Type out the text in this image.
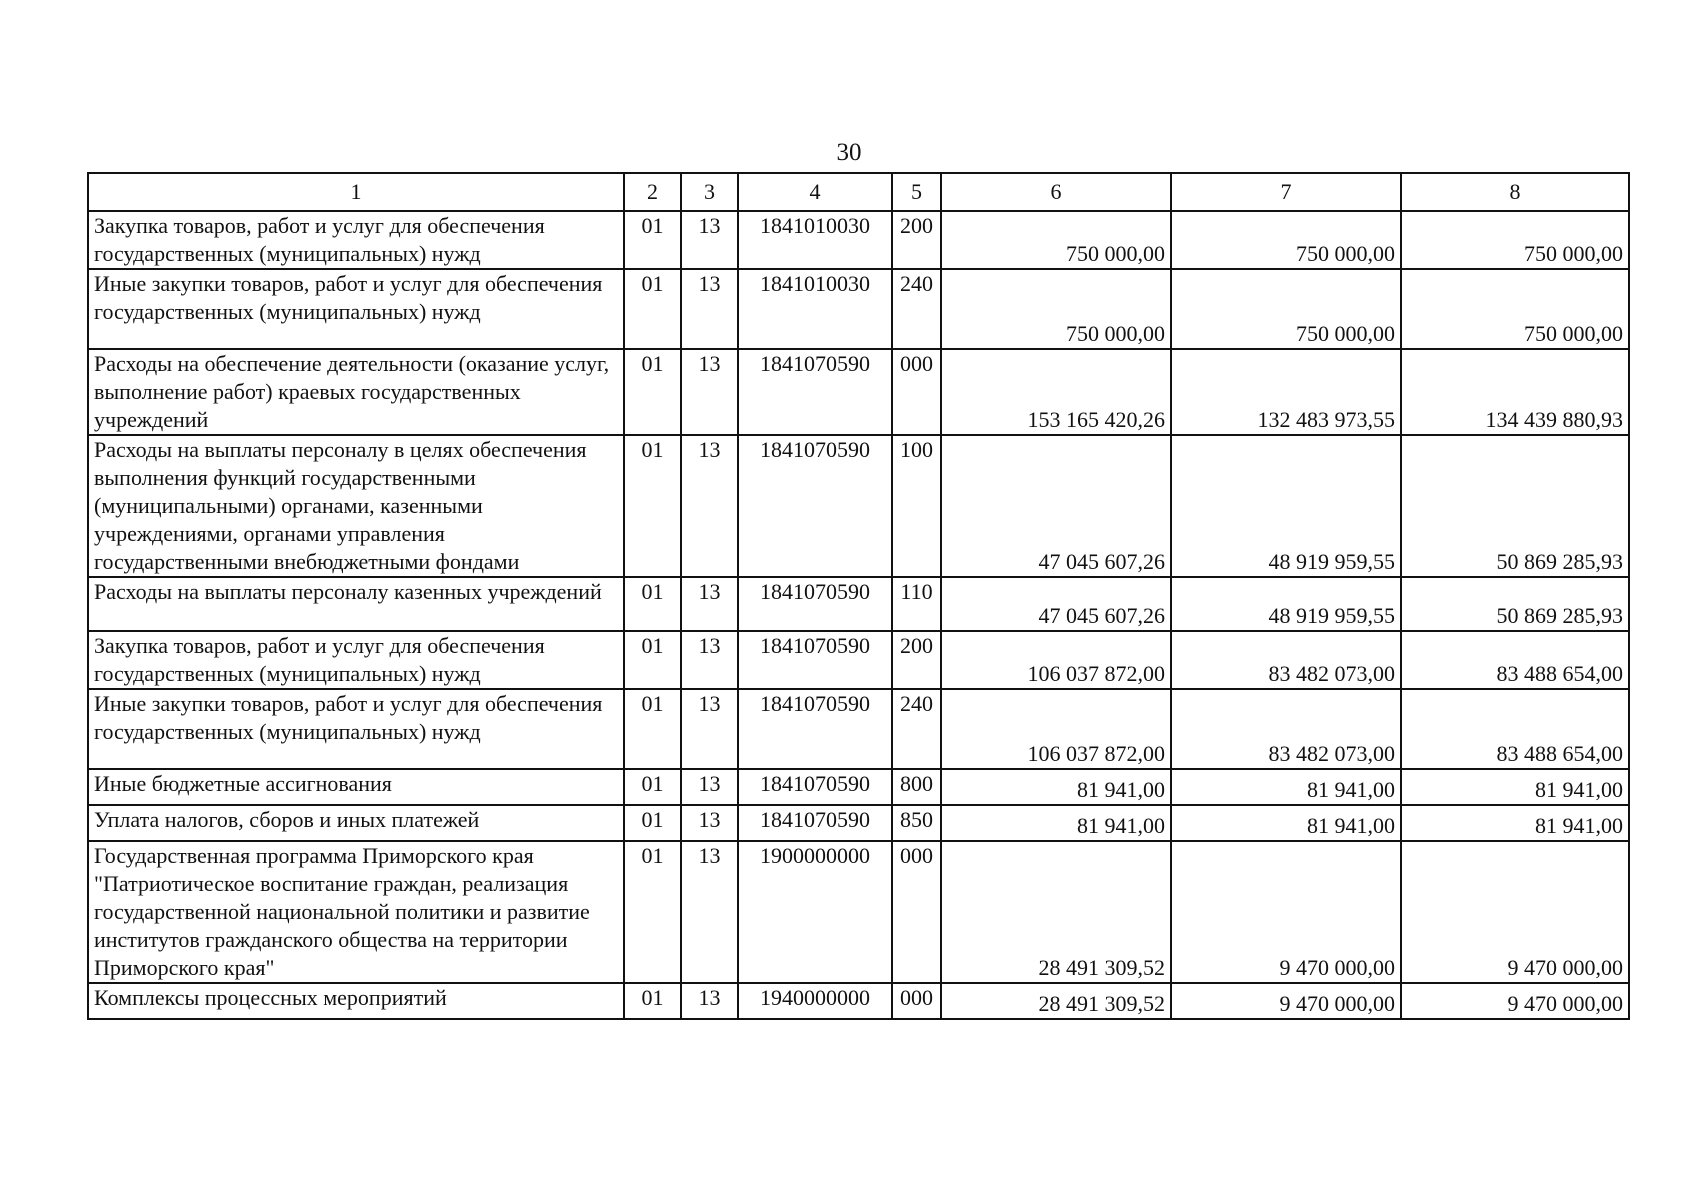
30
1	2	3	4	5	6	7	8
Закупка товаров, работ и услуг для обеспечения государственных (муниципальных) нужд	01	13	1841010030	200	750 000,00	750 000,00	750 000,00
Иные закупки товаров, работ и услуг для обеспечения государственных (муниципальных) нужд	01	13	1841010030	240	750 000,00	750 000,00	750 000,00
Расходы на обеспечение деятельности (оказание услуг, выполнение работ) краевых государственных учреждений	01	13	1841070590	000	153 165 420,26	132 483 973,55	134 439 880,93
Расходы на выплаты персоналу в целях обеспечения выполнения функций государственными (муниципальными) органами, казенными учреждениями, органами управления государственными внебюджетными фондами	01	13	1841070590	100	47 045 607,26	48 919 959,55	50 869 285,93
Расходы на выплаты персоналу казенных учреждений	01	13	1841070590	110	47 045 607,26	48 919 959,55	50 869 285,93
Закупка товаров, работ и услуг для обеспечения государственных (муниципальных) нужд	01	13	1841070590	200	106 037 872,00	83 482 073,00	83 488 654,00
Иные закупки товаров, работ и услуг для обеспечения государственных (муниципальных) нужд	01	13	1841070590	240	106 037 872,00	83 482 073,00	83 488 654,00
Иные бюджетные ассигнования	01	13	1841070590	800	81 941,00	81 941,00	81 941,00
Уплата налогов, сборов и иных платежей	01	13	1841070590	850	81 941,00	81 941,00	81 941,00
Государственная программа Приморского края "Патриотическое воспитание граждан, реализация государственной национальной политики и развитие институтов гражданского общества на территории Приморского края"	01	13	1900000000	000	28 491 309,52	9 470 000,00	9 470 000,00
Комплексы процессных мероприятий	01	13	1940000000	000	28 491 309,52	9 470 000,00	9 470 000,00
